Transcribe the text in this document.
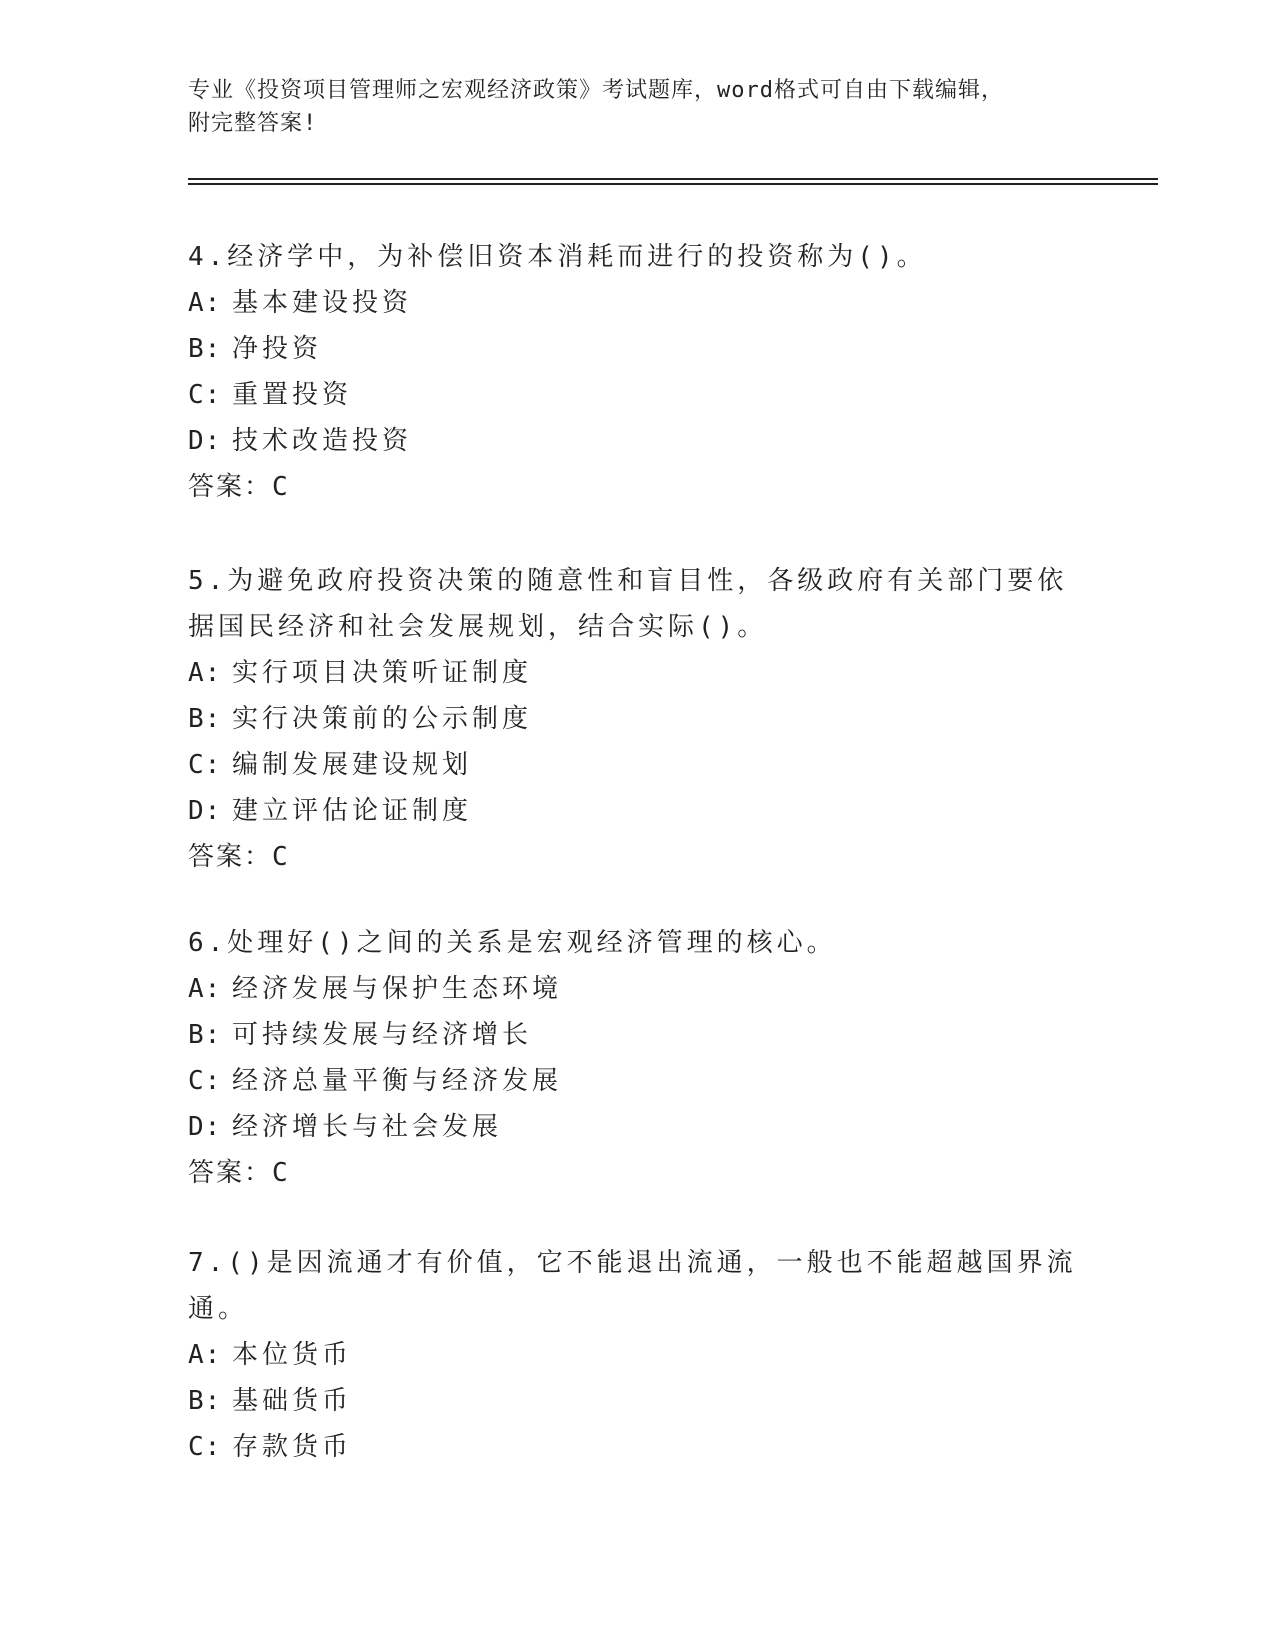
专业《投资项目管理师之宏观经济政策》考试题库，word格式可自由下载编辑，
附完整答案!

4.经济学中，为补偿旧资本消耗而进行的投资称为()。

A: 基本建设投资

B: 净投资

C: 重置投资

D: 技术改造投资

答案：C

5.为避免政府投资决策的随意性和盲目性，各级政府有关部门要依据国民经济和社会发展规划，结合实际()。

A: 实行项目决策听证制度

B: 实行决策前的公示制度

C: 编制发展建设规划

D: 建立评估论证制度

答案：C

6.处理好()之间的关系是宏观经济管理的核心。

A: 经济发展与保护生态环境

B: 可持续发展与经济增长

C: 经济总量平衡与经济发展

D: 经济增长与社会发展

答案：C

7.()是因流通才有价值，它不能退出流通，一般也不能超越国界流通。

A: 本位货币

B: 基础货币

C: 存款货币
